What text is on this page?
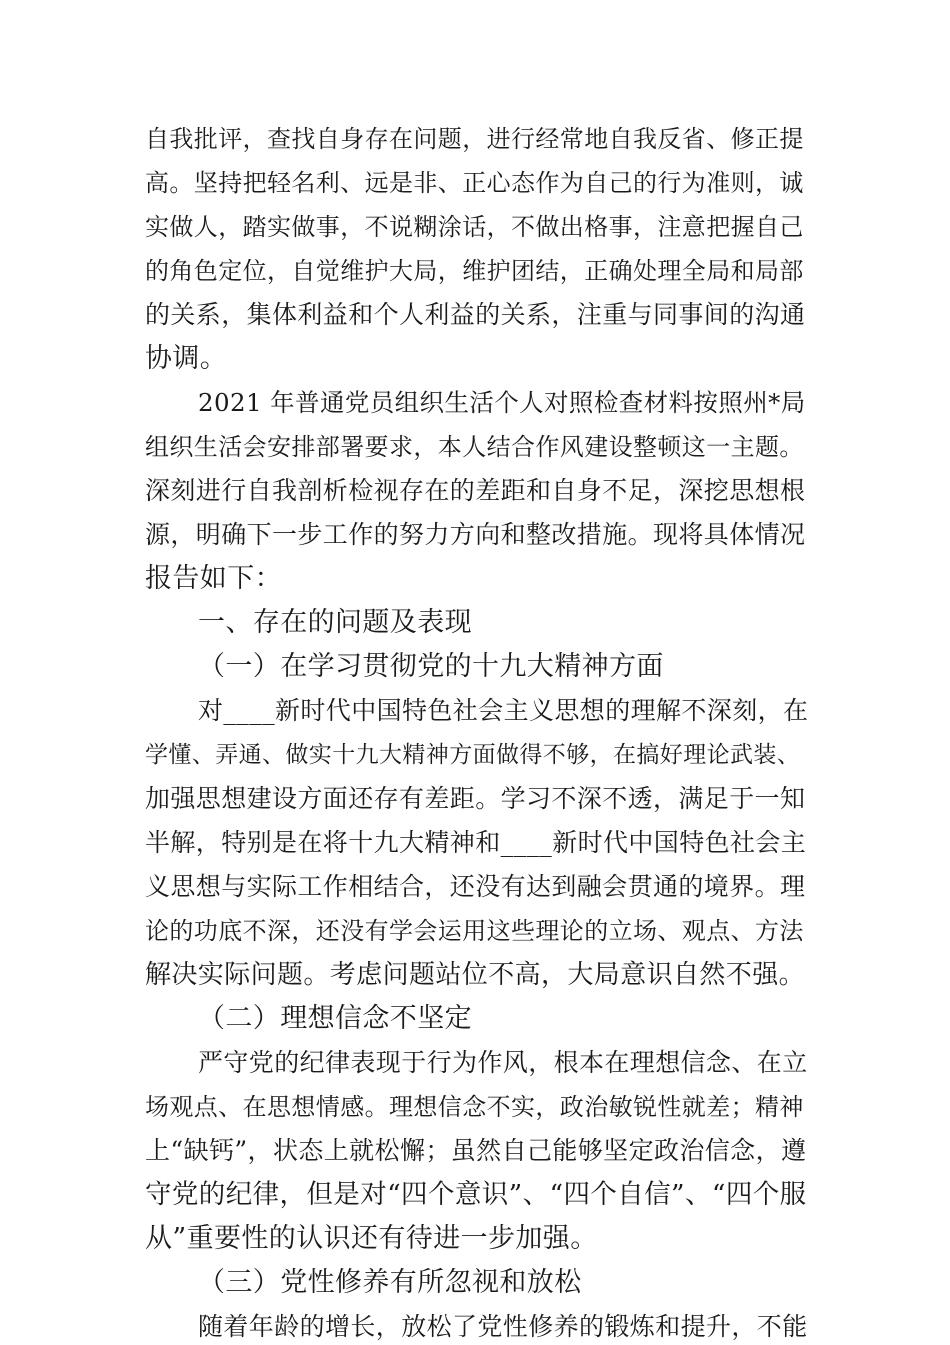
自我批评，查找自身存在问题，进行经常地自我反省、修正提
高。坚持把轻名利、远是非、正心态作为自己的行为准则，诚
实做人，踏实做事，不说糊涂话，不做出格事，注意把握自己
的角色定位，自觉维护大局，维护团结，正确处理全局和局部
的关系，集体利益和个人利益的关系，注重与同事间的沟通
协调。
2021 年普通党员组织生活个人对照检查材料按照州*局
组织生活会安排部署要求，本人结合作风建设整顿这一主题。
深刻进行自我剖析检视存在的差距和自身不足，深挖思想根
源，明确下一步工作的努力方向和整改措施。现将具体情况
报告如下：
一、存在的问题及表现
（一）在学习贯彻党的十九大精神方面
对____新时代中国特色社会主义思想的理解不深刻，在
学懂、弄通、做实十九大精神方面做得不够，在搞好理论武装、
加强思想建设方面还存有差距。学习不深不透，满足于一知
半解，特别是在将十九大精神和____新时代中国特色社会主
义思想与实际工作相结合，还没有达到融会贯通的境界。理
论的功底不深，还没有学会运用这些理论的立场、观点、方法
解决实际问题。考虑问题站位不高，大局意识自然不强。
（二）理想信念不坚定
严守党的纪律表现于行为作风，根本在理想信念、在立
场观点、在思想情感。理想信念不实，政治敏锐性就差；精神
上“缺钙”，状态上就松懈；虽然自己能够坚定政治信念，遵
守党的纪律，但是对“四个意识”、“四个自信”、“四个服
从”重要性的认识还有待进一步加强。
（三）党性修养有所忽视和放松
随着年龄的增长，放松了党性修养的锻炼和提升，不能
